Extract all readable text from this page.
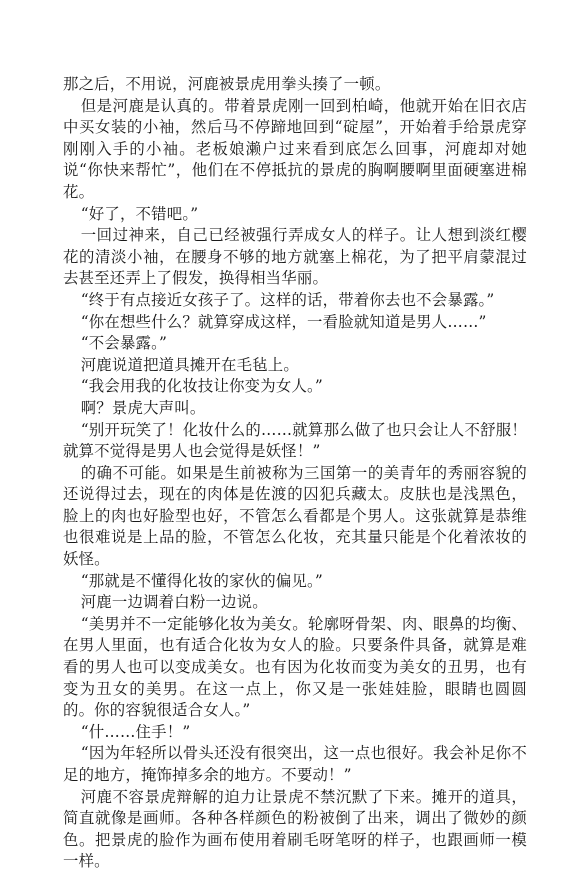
那之后，不用说，河鹿被景虎用拳头揍了一顿。

但是河鹿是认真的。带着景虎刚一回到柏崎，他就开始在旧衣店中买女装的小袖，然后马不停蹄地回到“碇屋”，开始着手给景虎穿刚刚入手的小袖。老板娘濑户过来看到底怎么回事，河鹿却对她说“你快来帮忙”，他们在不停抵抗的景虎的胸啊腰啊里面硬塞进棉花。

“好了，不错吧。”

一回过神来，自己已经被强行弄成女人的样子。让人想到淡红樱花的清淡小袖，在腰身不够的地方就塞上棉花，为了把平肩蒙混过去甚至还弄上了假发，换得相当华丽。

“终于有点接近女孩子了。这样的话，带着你去也不会暴露。”

“你在想些什么？就算穿成这样，一看脸就知道是男人……”

“不会暴露。”

河鹿说道把道具摊开在毛毡上。

“我会用我的化妆技让你变为女人。”

啊？景虎大声叫。

“别开玩笑了！化妆什么的……就算那么做了也只会让人不舒服！就算不觉得是男人也会觉得是妖怪！”

的确不可能。如果是生前被称为三国第一的美青年的秀丽容貌的还说得过去，现在的肉体是佐渡的囚犯兵藏太。皮肤也是浅黑色，脸上的肉也好脸型也好，不管怎么看都是个男人。这张就算是恭维也很难说是上品的脸，不管怎么化妆，充其量只能是个化着浓妆的妖怪。

“那就是不懂得化妆的家伙的偏见。”

河鹿一边调着白粉一边说。

“美男并不一定能够化妆为美女。轮廓呀骨架、肉、眼鼻的均衡、在男人里面，也有适合化妆为女人的脸。只要条件具备，就算是难看的男人也可以变成美女。也有因为化妆而变为美女的丑男，也有变为丑女的美男。在这一点上，你又是一张娃娃脸，眼睛也圆圆的。你的容貌很适合女人。”

“什……住手！”

“因为年轻所以骨头还没有很突出，这一点也很好。我会补足你不足的地方，掩饰掉多余的地方。不要动！”

河鹿不容景虎辩解的迫力让景虎不禁沉默了下来。摊开的道具，简直就像是画师。各种各样颜色的粉被倒了出来，调出了微妙的颜色。把景虎的脸作为画布使用着刷毛呀笔呀的样子，也跟画师一模一样。
